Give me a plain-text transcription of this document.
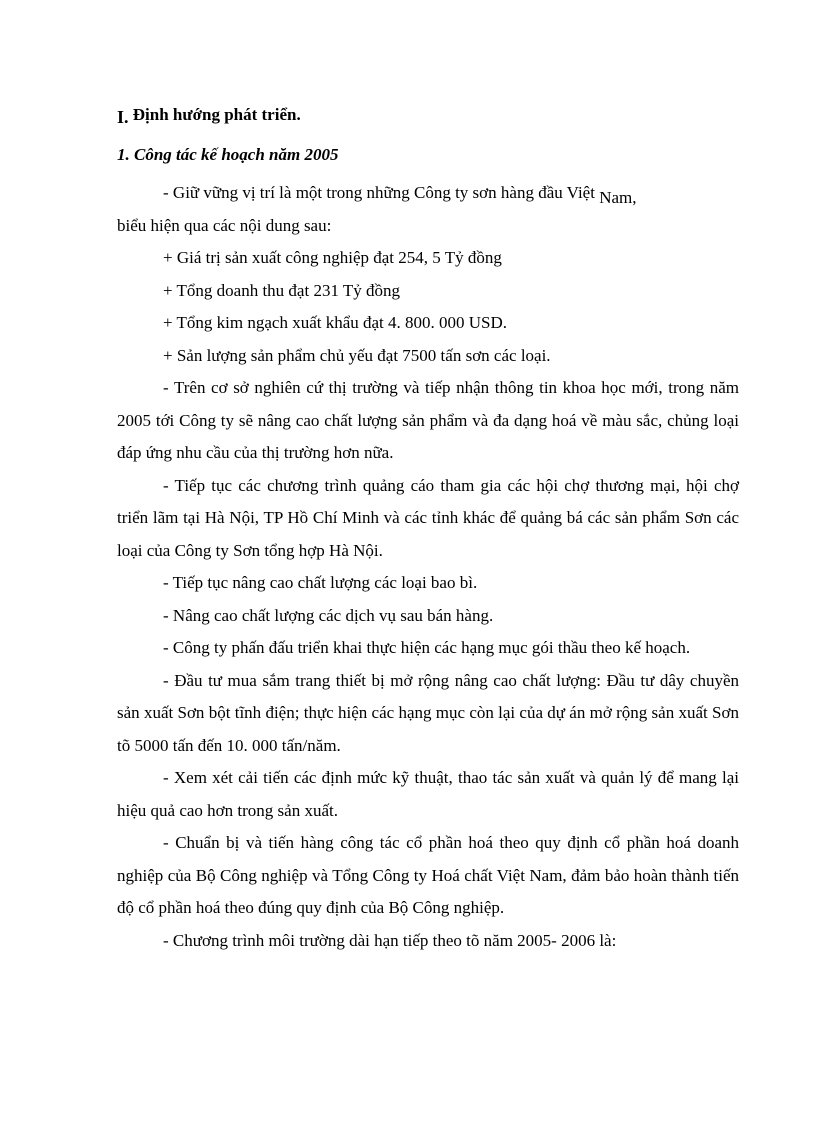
I. Định hướng phát triển.
1. Công tác kế hoạch năm 2005

- Giữ vững vị trí là một trong những Công ty sơn hàng đầu Việt Nam,

biểu hiện qua các nội dung sau:

+ Giá trị sản xuất công nghiệp đạt 254, 5 Tỷ đồng

+ Tổng doanh thu đạt 231 Tỷ đồng

+ Tổng kim ngạch xuất khẩu đạt 4. 800. 000 USD.

+ Sản lượng sản phẩm chủ yếu đạt 7500 tấn sơn các loại.

- Trên cơ sở nghiên cứ thị trường và tiếp nhận thông tin khoa học mới, trong năm 2005 tới Công ty sẽ nâng cao chất lượng sản phẩm và đa dạng hoá về màu sắc, chủng loại đáp ứng nhu cầu của thị trường hơn nữa.

- Tiếp tục các chương trình quảng cáo tham gia các hội chợ thương mại, hội chợ triển lãm tại Hà Nội, TP Hồ Chí Minh và các tỉnh khác để quảng bá các sản phẩm Sơn các loại của Công ty Sơn tổng hợp Hà Nội.

- Tiếp tục nâng cao chất lượng các loại bao bì.

- Nâng cao chất lượng các dịch vụ sau bán hàng.

- Công ty phấn đấu triển khai thực hiện các hạng mục gói thầu theo kế hoạch.

- Đầu tư mua sắm trang thiết bị mở rộng nâng cao chất lượng: Đầu tư dây chuyền sản xuất Sơn bột tĩnh điện; thực hiện các hạng mục còn lại của dự án mở rộng sản xuất Sơn tõ 5000 tấn đến 10. 000 tấn/năm.

- Xem xét cải tiến các định mức kỹ thuật, thao tác sản xuất và quản lý để mang lại hiệu quả cao hơn trong sản xuất.

- Chuẩn bị và tiến hàng công tác cổ phần hoá theo quy định cổ phần hoá doanh nghiệp của Bộ Công nghiệp và Tổng Công ty Hoá chất Việt Nam, đảm bảo hoàn thành tiến độ cổ phần hoá theo đúng quy định của Bộ Công nghiệp.

- Chương trình môi trường dài hạn tiếp theo tõ năm 2005- 2006 là:
